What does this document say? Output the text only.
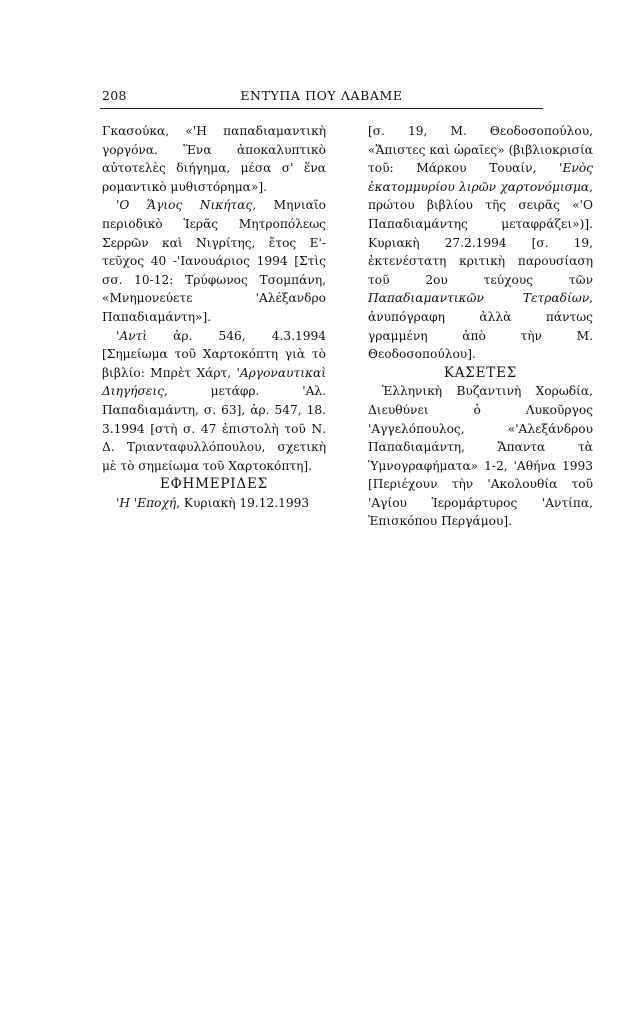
208	ΕΝΤΥΠΑ ΠΟΥ ΛΑΒΑΜΕ

Γκασούκα, «'Η παπαδιαμαντικὴ γοργόνα. Ἕνα ἀποκαλυπτικὸ αὐτοτελὲς διήγημα, μέσα σ' ἕνα ρομαντικὸ μυθιστόρημα»].

'Ο Ἅγιος Νικήτας, Μηνιαῖο περιοδικὸ Ἱερᾶς Μητροπόλεως Σερρῶν καὶ Νιγρίτης, ἔτος Ε'- τεῦχος 40 -'Ιανουάριος 1994 [Στὶς σσ. 10-12: Τρύφωνος Τσομπάνη, «Μνημονεύετε 'Αλέξανδρο Παπαδιαμάντη»].

'Αντὶ ἀρ. 546, 4.3.1994 [Σημείωμα τοῦ Χαρτοκόπτη γιὰ τὸ βιβλίο: Μπρὲτ Χάρτ, 'Αργοναυτικαὶ Διηγήσεις, μετάφρ. 'Αλ. Παπαδιαμάντη, σ. 63], ἀρ. 547, 18. 3.1994 [στὴ σ. 47 ἐπιστολὴ τοῦ Ν. Δ. Τριανταφυλλόπουλου, σχετικὴ μὲ τὸ σημείωμα τοῦ Χαρτοκόπτη].

ΕΦΗΜΕΡΙΔΕΣ

'Η 'Εποχή, Κυριακὴ 19.12.1993

[σ. 19, Μ. Θεοδοσοπούλου, «Ἄπιστες καὶ ὡραῖες» (βιβλιοκρισία τοῦ: Μάρκου Τουαίν, 'Ενὸς ἑκατομμυρίου λιρῶν χαρτονόμισμα, πρώτου βιβλίου τῆς σειρᾶς «'Ο Παπαδιαμάντης μεταφράζει»)]. Κυριακὴ 27.2.1994 [σ. 19, ἐκτενέστατη κριτικὴ παρουσίαση τοῦ 2ου τεύχους τῶν Παπαδιαμαντικῶν Τετραδίων, ἀνυπόγραφη ἀλλὰ πάντως γραμμένη ἀπὸ τὴν Μ. Θεοδοσοπούλου].

ΚΑΣΕΤΕΣ

Ἑλληνικὴ Βυζαντινὴ Χορωδία, Διευθύνει ὁ Λυκοῦργος 'Αγγελόπουλος, «'Αλεξάνδρου Παπαδιαμάντη, Ἄπαντα τὰ Ὑμνογραφήματα» 1-2, 'Αθήνα 1993 [Περιέχουν τὴν 'Ακολουθία τοῦ 'Αγίου Ἱερομάρτυρος 'Αντίπα, Ἐπισκόπου Περγάμου].
